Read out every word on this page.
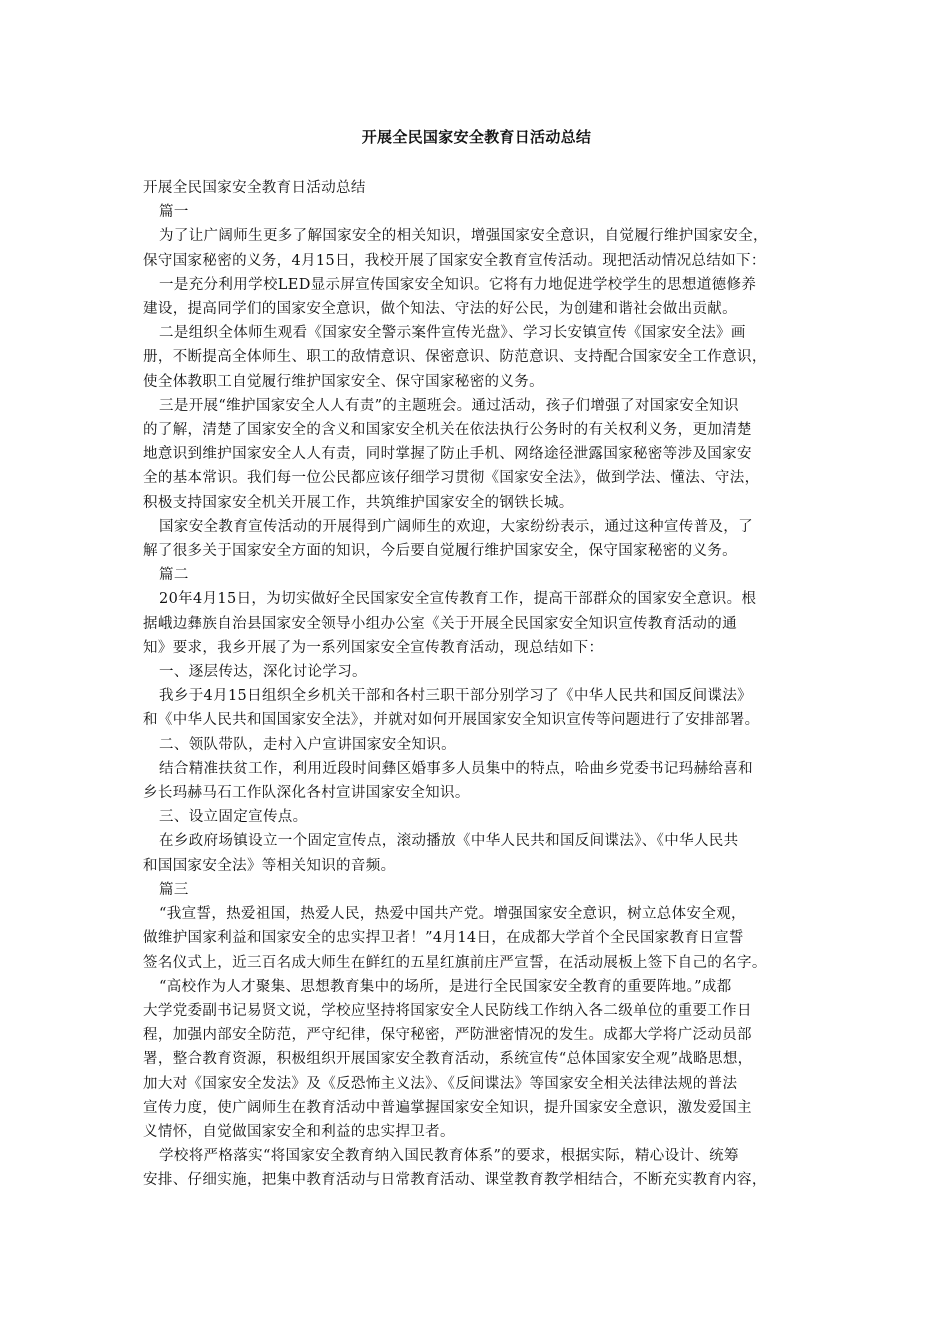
开展全民国家安全教育日活动总结

开展全民国家安全教育日活动总结

篇一

为了让广阔师生更多了解国家安全的相关知识，增强国家安全意识，自觉履行维护国家安全，
保守国家秘密的义务，4月15日，我校开展了国家安全教育宣传活动。现把活动情况总结如下：

一是充分利用学校LED显示屏宣传国家安全知识。它将有力地促进学校学生的思想道德修养
建设，提高同学们的国家安全意识，做个知法、守法的好公民，为创建和谐社会做出贡献。

二是组织全体师生观看《国家安全警示案件宣传光盘》、学习长安镇宣传《国家安全法》画
册，不断提高全体师生、职工的敌情意识、保密意识、防范意识、支持配合国家安全工作意识，
使全体教职工自觉履行维护国家安全、保守国家秘密的义务。

三是开展“维护国家安全人人有责”的主题班会。通过活动，孩子们增强了对国家安全知识
的了解，清楚了国家安全的含义和国家安全机关在依法执行公务时的有关权利义务，更加清楚
地意识到维护国家安全人人有责，同时掌握了防止手机、网络途径泄露国家秘密等涉及国家安
全的基本常识。我们每一位公民都应该仔细学习贯彻《国家安全法》，做到学法、懂法、守法，
积极支持国家安全机关开展工作，共筑维护国家安全的钢铁长城。

国家安全教育宣传活动的开展得到广阔师生的欢迎，大家纷纷表示，通过这种宣传普及，了
解了很多关于国家安全方面的知识，今后要自觉履行维护国家安全，保守国家秘密的义务。

篇二

20年4月15日，为切实做好全民国家安全宣传教育工作，提高干部群众的国家安全意识。根
据峨边彝族自治县国家安全领导小组办公室《关于开展全民国家安全知识宣传教育活动的通
知》要求，我乡开展了为一系列国家安全宣传教育活动，现总结如下：

一、逐层传达，深化讨论学习。

我乡于4月15日组织全乡机关干部和各村三职干部分别学习了《中华人民共和国反间谍法》
和《中华人民共和国国家安全法》，并就对如何开展国家安全知识宣传等问题进行了安排部署。

二、领队带队，走村入户宣讲国家安全知识。

结合精准扶贫工作，利用近段时间彝区婚事多人员集中的特点，哈曲乡党委书记玛赫给喜和
乡长玛赫马石工作队深化各村宣讲国家安全知识。

三、设立固定宣传点。

在乡政府场镇设立一个固定宣传点，滚动播放《中华人民共和国反间谍法》、《中华人民共
和国国家安全法》等相关知识的音频。

篇三

“我宣誓，热爱祖国，热爱人民，热爱中国共产党。增强国家安全意识，树立总体安全观，
做维护国家利益和国家安全的忠实捍卫者！”4月14日，在成都大学首个全民国家教育日宣誓
签名仪式上，近三百名成大师生在鲜红的五星红旗前庄严宣誓，在活动展板上签下自己的名字。

“高校作为人才聚集、思想教育集中的场所，是进行全民国家安全教育的重要阵地。”成都
大学党委副书记易贤文说，学校应坚持将国家安全人民防线工作纳入各二级单位的重要工作日
程，加强内部安全防范，严守纪律，保守秘密，严防泄密情况的发生。成都大学将广泛动员部
署，整合教育资源，积极组织开展国家安全教育活动，系统宣传“总体国家安全观”战略思想，
加大对《国家安全发法》及《反恐怖主义法》、《反间谍法》等国家安全相关法律法规的普法
宣传力度，使广阔师生在教育活动中普遍掌握国家安全知识，提升国家安全意识，激发爱国主
义情怀，自觉做国家安全和利益的忠实捍卫者。

学校将严格落实“将国家安全教育纳入国民教育体系”的要求，根据实际，精心设计、统筹
安排、仔细实施，把集中教育活动与日常教育活动、课堂教育教学相结合，不断充实教育内容，
